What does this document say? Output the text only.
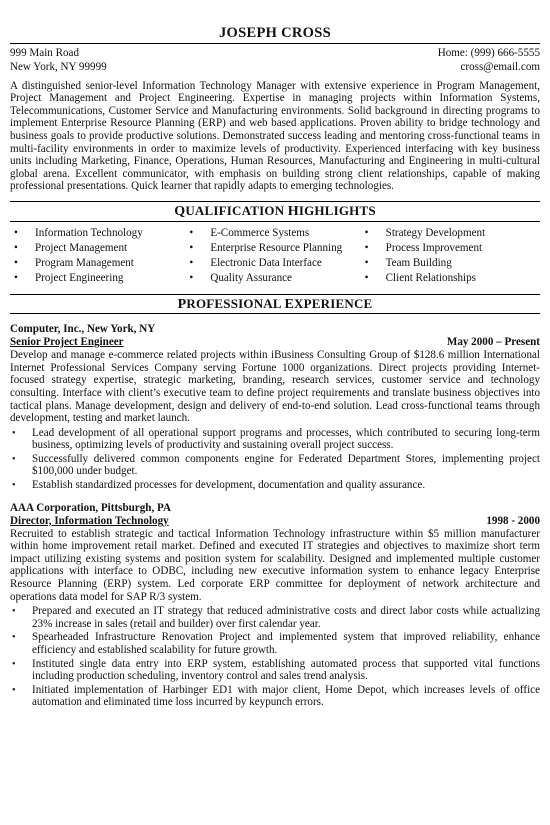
JOSEPH CROSS
999 Main Road	Home: (999) 666-5555
New York, NY 99999	cross@email.com
A distinguished senior-level Information Technology Manager with extensive experience in Program Management, Project Management and Project Engineering. Expertise in managing projects within Information Systems, Telecommunications, Customer Service and Manufacturing environments. Solid background in directing programs to implement Enterprise Resource Planning (ERP) and web based applications. Proven ability to bridge technology and business goals to provide productive solutions. Demonstrated success leading and mentoring cross-functional teams in multi-facility environments in order to maximize levels of productivity. Experienced interfacing with key business units including Marketing, Finance, Operations, Human Resources, Manufacturing and Engineering in multi-cultural global arena. Excellent communicator, with emphasis on building strong client relationships, capable of making professional presentations. Quick learner that rapidly adapts to emerging technologies.
QUALIFICATION HIGHLIGHTS
•	Information Technology
•	Project Management
•	Program Management
•	Project Engineering
•	E-Commerce Systems
•	Enterprise Resource Planning
•	Electronic Data Interface
•	Quality Assurance
•	Strategy Development
•	Process Improvement
•	Team Building
•	Client Relationships
PROFESSIONAL EXPERIENCE
Computer, Inc., New York, NY
Senior Project Engineer	May 2000 – Present
Develop and manage e-commerce related projects within iBusiness Consulting Group of $128.6 million International Internet Professional Services Company serving Fortune 1000 organizations. Direct projects providing Internet-focused strategy expertise, strategic marketing, branding, research services, customer service and technology consulting. Interface with client’s executive team to define project requirements and translate business objectives into tactical plans. Manage development, design and delivery of end-to-end solution. Lead cross-functional teams through development, testing and market launch.
•	Lead development of all operational support programs and processes, which contributed to securing long-term business, optimizing levels of productivity and sustaining overall project success.
•	Successfully delivered common components engine for Federated Department Stores, implementing project $100,000 under budget.
•	Establish standardized processes for development, documentation and quality assurance.
AAA Corporation, Pittsburgh, PA
Director, Information Technology	1998 - 2000
Recruited to establish strategic and tactical Information Technology infrastructure within $5 million manufacturer within home improvement retail market. Defined and executed IT strategies and objectives to maximize short term impact utilizing existing systems and position system for scalability. Designed and implemented multiple customer applications with interface to ODBC, including new executive information system to enhance legacy Enterprise Resource Planning (ERP) system. Led corporate ERP committee for deployment of network architecture and operations data model for SAP R/3 system.
•	Prepared and executed an IT strategy that reduced administrative costs and direct labor costs while actualizing 23% increase in sales (retail and builder) over first calendar year.
•	Spearheaded Infrastructure Renovation Project and implemented system that improved reliability, enhance efficiency and established scalability for future growth.
•	Instituted single data entry into ERP system, establishing automated process that supported vital functions including production scheduling, inventory control and sales trend analysis.
•	Initiated implementation of Harbinger ED1 with major client, Home Depot, which increases levels of office automation and eliminated time loss incurred by keypunch errors.
